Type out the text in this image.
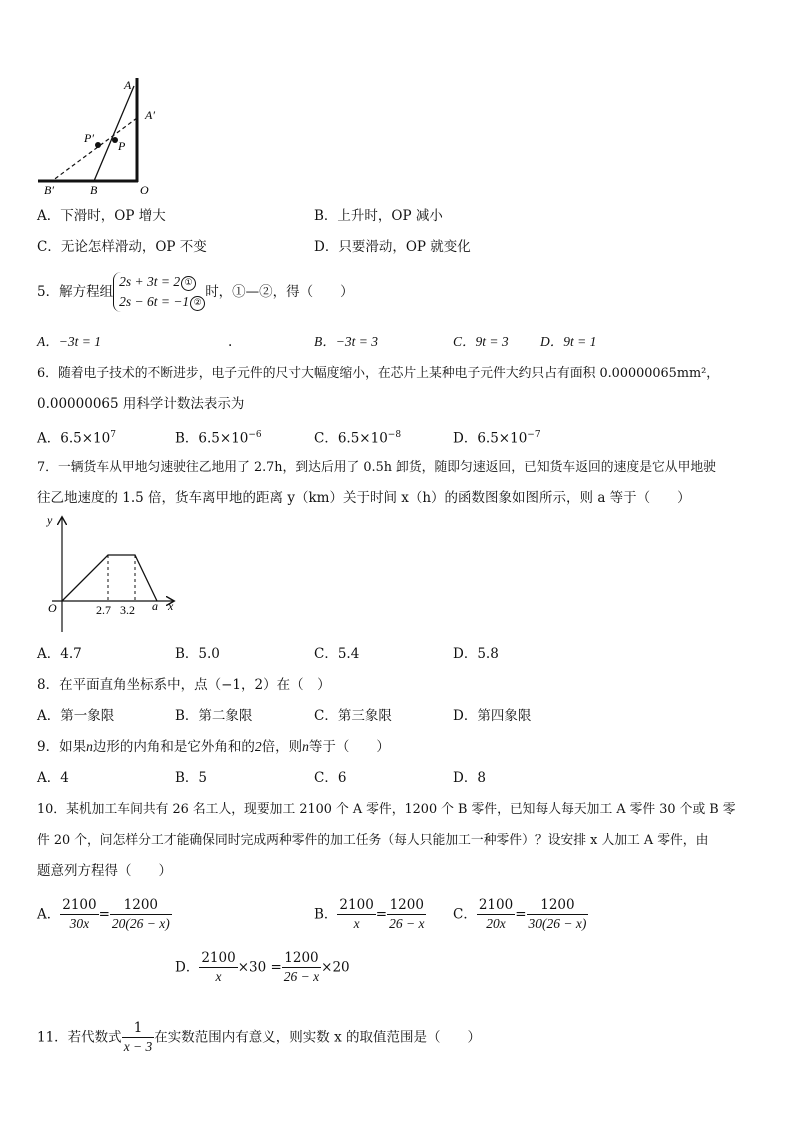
A
A′
P′
P
B′	B	O
A．下滑时，OP 增大	B．上升时，OP 减小
C．无论怎样滑动，OP 不变	D．只要滑动，OP 就变化
5．解方程组2s + 3t = 2 ①
2s − 6t = −1 ②时，①—②，得（　　）
A．−3t = 1	.	B．−3t = 3	C．9t = 3 D．9t = 1
6．随着电子技术的不断进步，电子元件的尺寸大幅度缩小，在芯片上某种电子元件大约只占有面积 0.00000065mm²，
0.00000065 用科学计数法表示为
A．$6.5\times 10^7$	B．$6.5\times 10^{-6}$	C．$6.5\times 10^{-8}$	D．$6.5\times 10^{-7}$
7．一辆货车从甲地匀速驶往乙地用了 2.7h，到达后用了 0.5h 卸货，随即匀速返回，已知货车返回的速度是它从甲地驶
往乙地速度的 1.5 倍，货车离甲地的距离 y（km）关于时间 x（h）的函数图象如图所示，则 a 等于（　　）
y
x
O	2.7 3.2 a
A．4.7	B．5.0	C．5.4	D．5.8
8．在平面直角坐标系中，点（−1，2）在（　）
A．第一象限	B．第二象限	C．第三象限	D．第四象限
9．如果n边形的内角和是它外角和的2倍，则n等于（　　）
A．4	B．5	C．6	D．8
10．某机加工车间共有 26 名工人，现要加工 2100 个 A 零件，1200 个 B 零件，已知每人每天加工 A 零件 30 个或 B 零
件 20 个，问怎样分工才能确保同时完成两种零件的加工任务（每人只能加工一种零件）？设安排 x 人加工 A 零件，由
题意列方程得（　　）
A． $\frac{2100}{30x} = \frac{1200}{20(26 - x)}$	B． $\frac{2100}{x} = \frac{1200}{26 - x}$ C． $\frac{2100}{20x} = \frac{1200}{30(26 - x)}$
D． $\frac{2100}{x} \times 30 = \frac{1200}{26 - x} \times 20$
11．若代数式 $\frac{1}{x - 3}$ 在实数范围内有意义，则实数 x 的取值范围是（　　）
